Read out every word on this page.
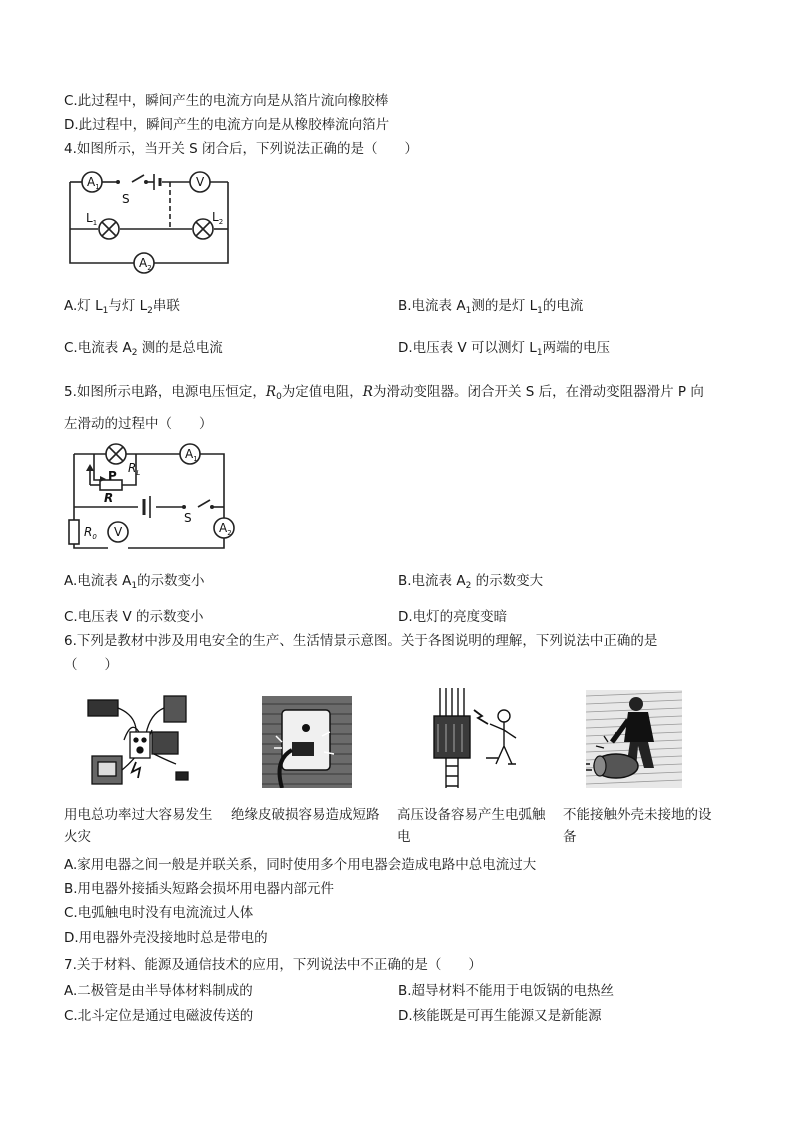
C.此过程中，瞬间产生的电流方向是从箔片流向橡胶棒
D.此过程中，瞬间产生的电流方向是从橡胶棒流向箔片
4.如图所示，当开关 S 闭合后，下列说法正确的是（　　）
$A_1$
$A_2$
V
S
$L_1$	$L_2$
A.灯 $L_1$与灯 $L_2$串联	B.电流表 $A_1$测的是灯 $L_1$的电流
C.电流表 $A_2$ 测的是总电流	D.电压表 V 可以测灯 $L_1$两端的电压
5.如图所示电路，电源电压恒定，$R_0$为定值电阻，R为滑动变阻器。闭合开关 S 后，在滑动变阻器滑片 P 向
左滑动的过程中（　　）
P
$R_L$
R
$R_0$ V
S
$A_1$
$A_2$
A.电流表 $A_1$的示数变小	B.电流表 $A_2$ 的示数变大
C.电压表 V 的示数变小	D.电灯的亮度变暗
6.下列是教材中涉及用电安全的生产、生活情景示意图。关于各图说明的理解，下列说法中正确的是
（　　）
用电总功率过大容易发生火灾
绝缘皮破损容易造成短路	高压设备容易产生电弧触电
不能接触外壳未接地的设备
A.家用电器之间一般是并联关系，同时使用多个用电器会造成电路中总电流过大
B.用电器外接插头短路会损坏用电器内部元件
C.电弧触电时没有电流流过人体
D.用电器外壳没接地时总是带电的
7.关于材料、能源及通信技术的应用，下列说法中不正确的是（　　）
A.二极管是由半导体材料制成的	B.超导材料不能用于电饭锅的电热丝
C.北斗定位是通过电磁波传送的	D.核能既是可再生能源又是新能源
